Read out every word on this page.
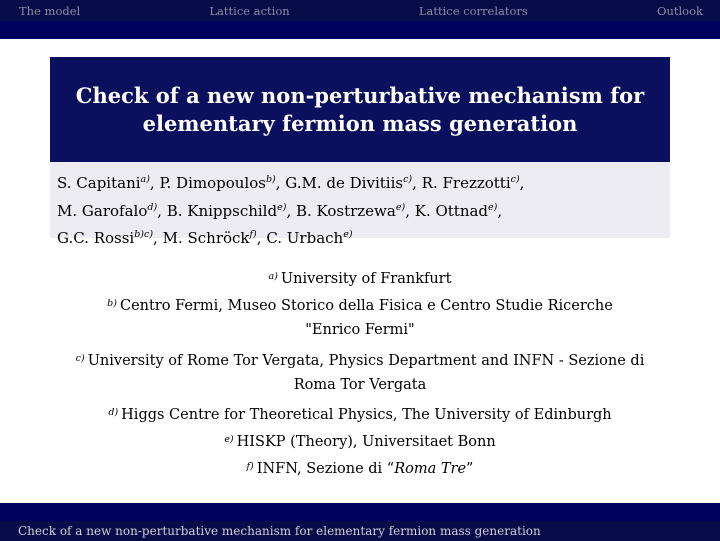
The model	Lattice action	Lattice correlators	Outlook
Check of a new non-perturbative mechanism for
elementary fermion mass generation
S. Capitani$^{a)}$, P. Dimopoulos$^{b)}$, G.M. de Divitiis$^{c)}$, R. Frezzotti$^{c)}$,
M. Garofalo$^{d)}$, B. Knippschild$^{e)}$, B. Kostrzewa$^{e)}$, K. Ottnad$^{e)}$,
G.C. Rossi$^{b)c)}$, M. Schröck$^{f)}$, C. Urbach$^{e)}$
$^{a)}$ University of Frankfurt
$^{b)}$ Centro Fermi, Museo Storico della Fisica e Centro Studie Ricerche
"Enrico Fermi"
$^{c)}$ University of Rome Tor Vergata, Physics Department and INFN - Sezione di
Roma Tor Vergata
$^{d)}$ Higgs Centre for Theoretical Physics, The University of Edinburgh
$^{e)}$ HISKP (Theory), Universitaet Bonn
$^{f)}$ INFN, Sezione di “Roma Tre”
Check of a new non-perturbative mechanism for elementary fermion mass generation
